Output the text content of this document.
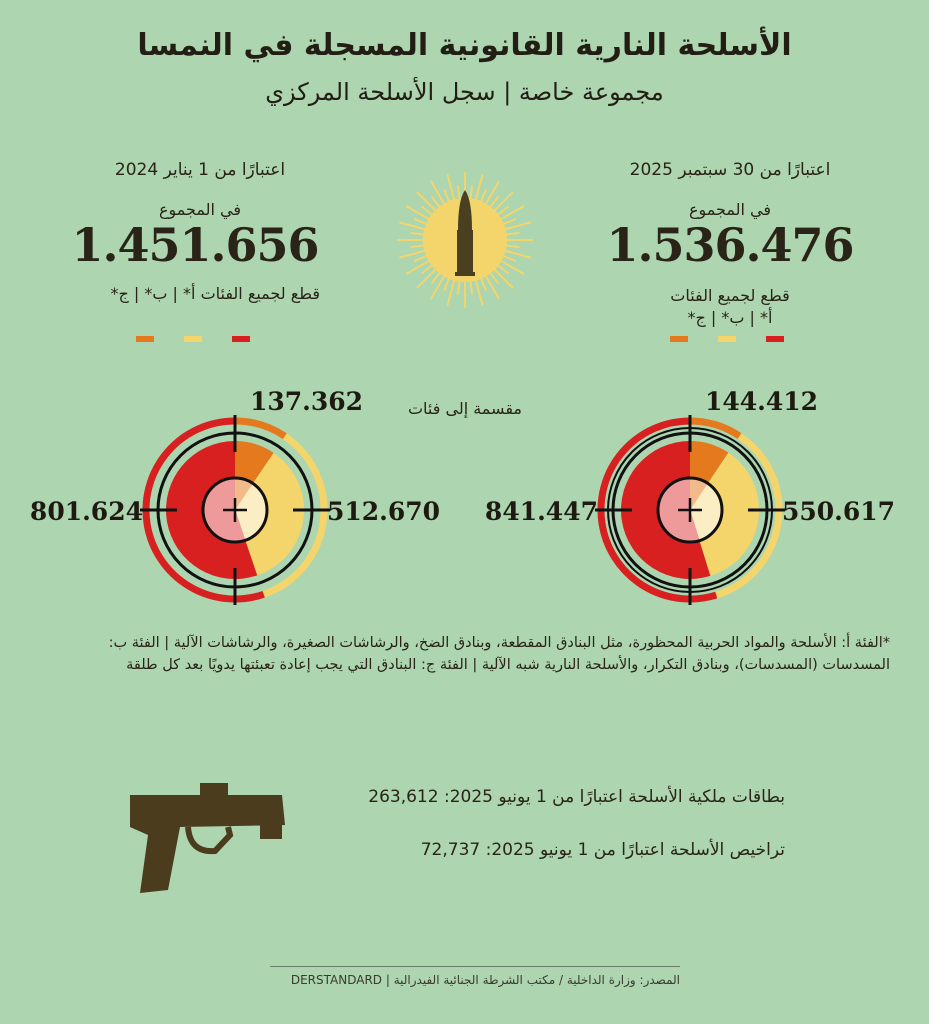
الأسلحة النارية القانونية المسجلة في النمسا
مجموعة خاصة | سجل الأسلحة المركزي
اعتبارًا من 1 يناير 2024
في المجموع
1.451.656
قطع لجميع الفئات أ* | ب* | ج*
اعتبارًا من 30 سبتمبر 2025
في المجموع
1.536.476
قطع لجميع الفئات
أ* | ب* | ج*
مقسمة إلى فئات
137.362
512.670
801.624
144.412
550.617
841.447
*الفئة أ: الأسلحة والمواد الحربية المحظورة، مثل البنادق المقطعة، وبنادق الضخ، والرشاشات الصغيرة، والرشاشات الآلية | الفئة ب: المسدسات (المسدسات)، وبنادق التكرار، والأسلحة النارية شبه الآلية | الفئة ج: البنادق التي يجب إعادة تعبئتها يدويًا بعد كل طلقة
بطاقات ملكية الأسلحة اعتبارًا من 1 يونيو 2025: 263,612
تراخيص الأسلحة اعتبارًا من 1 يونيو 2025: 72,737
المصدر: وزارة الداخلية / مكتب الشرطة الجنائية الفيدرالية | DERSTANDARD
